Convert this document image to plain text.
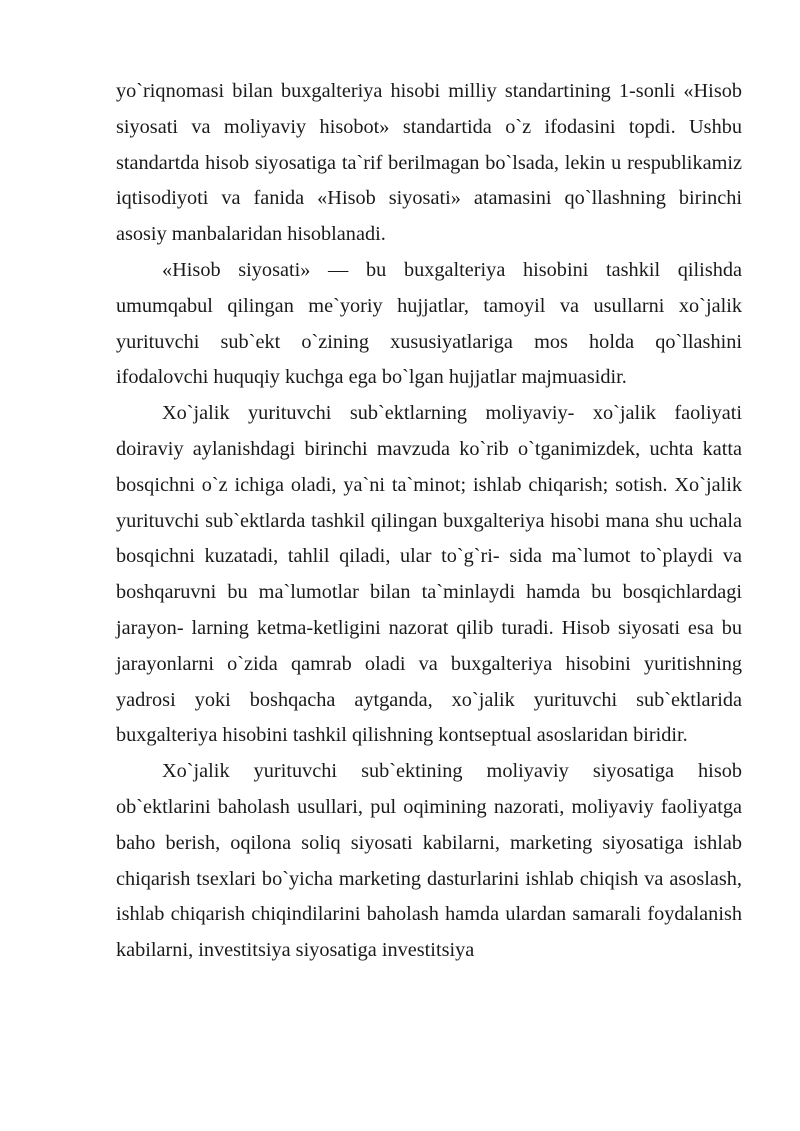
yo`riqnomasi bilan buxgalteriya hisobi milliy standartining 1-sonli «Hisob siyosati va moliyaviy hisobot» standartida o`z ifodasini topdi. Ushbu standartda hisob siyosatiga ta`rif berilmagan bo`lsada, lekin u respublikamiz iqtisodiyoti va fanida «Hisob siyosati» atamasini qo`llashning birinchi asosiy manbalaridan hisoblanadi.

«Hisob siyosati» — bu buxgalteriya hisobini tashkil qilishda umumqabul qilingan me`yoriy hujjatlar, tamoyil va usullarni xo`jalik yurituvchi sub`ekt o`zining xususiyatlariga mos holda qo`llashini ifodalovchi huquqiy kuchga ega bo`lgan hujjatlar majmuasidir.

Xo`jalik yurituvchi sub`ektlarning moliyaviy- xo`jalik faoliyati doiraviy aylanishdagi birinchi mavzuda ko`rib o`tganimizdek, uchta katta bosqichni o`z ichiga oladi, ya`ni ta`minot; ishlab chiqarish; sotish. Xo`jalik yurituvchi sub`ektlarda tashkil qilingan buxgalteriya hisobi mana shu uchala bosqichni kuzatadi, tahlil qiladi, ular to`g`ri- sida ma`lumot to`playdi va boshqaruvni bu ma`lumotlar bilan ta`minlaydi hamda bu bosqichlardagi jarayon- larning ketma-ketligini nazorat qilib turadi. Hisob siyosati esa bu jarayonlarni o`zida qamrab oladi va buxgalteriya hisobini yuritishning yadrosi yoki boshqacha aytganda, xo`jalik yurituvchi sub`ektlarida buxgalteriya hisobini tashkil qilishning kontseptual asoslaridan biridir.

Xo`jalik yurituvchi sub`ektining moliyaviy siyosatiga hisob ob`ektlarini baholash usullari, pul oqimining nazorati, moliyaviy faoliyatga baho berish, oqilona soliq siyosati kabilarni, marketing siyosatiga ishlab chiqarish tsexlari bo`yicha marketing dasturlarini ishlab chiqish va asoslash, ishlab chiqarish chiqindilarini baholash hamda ulardan samarali foydalanish kabilarni, investitsiya siyosatiga investitsiya
